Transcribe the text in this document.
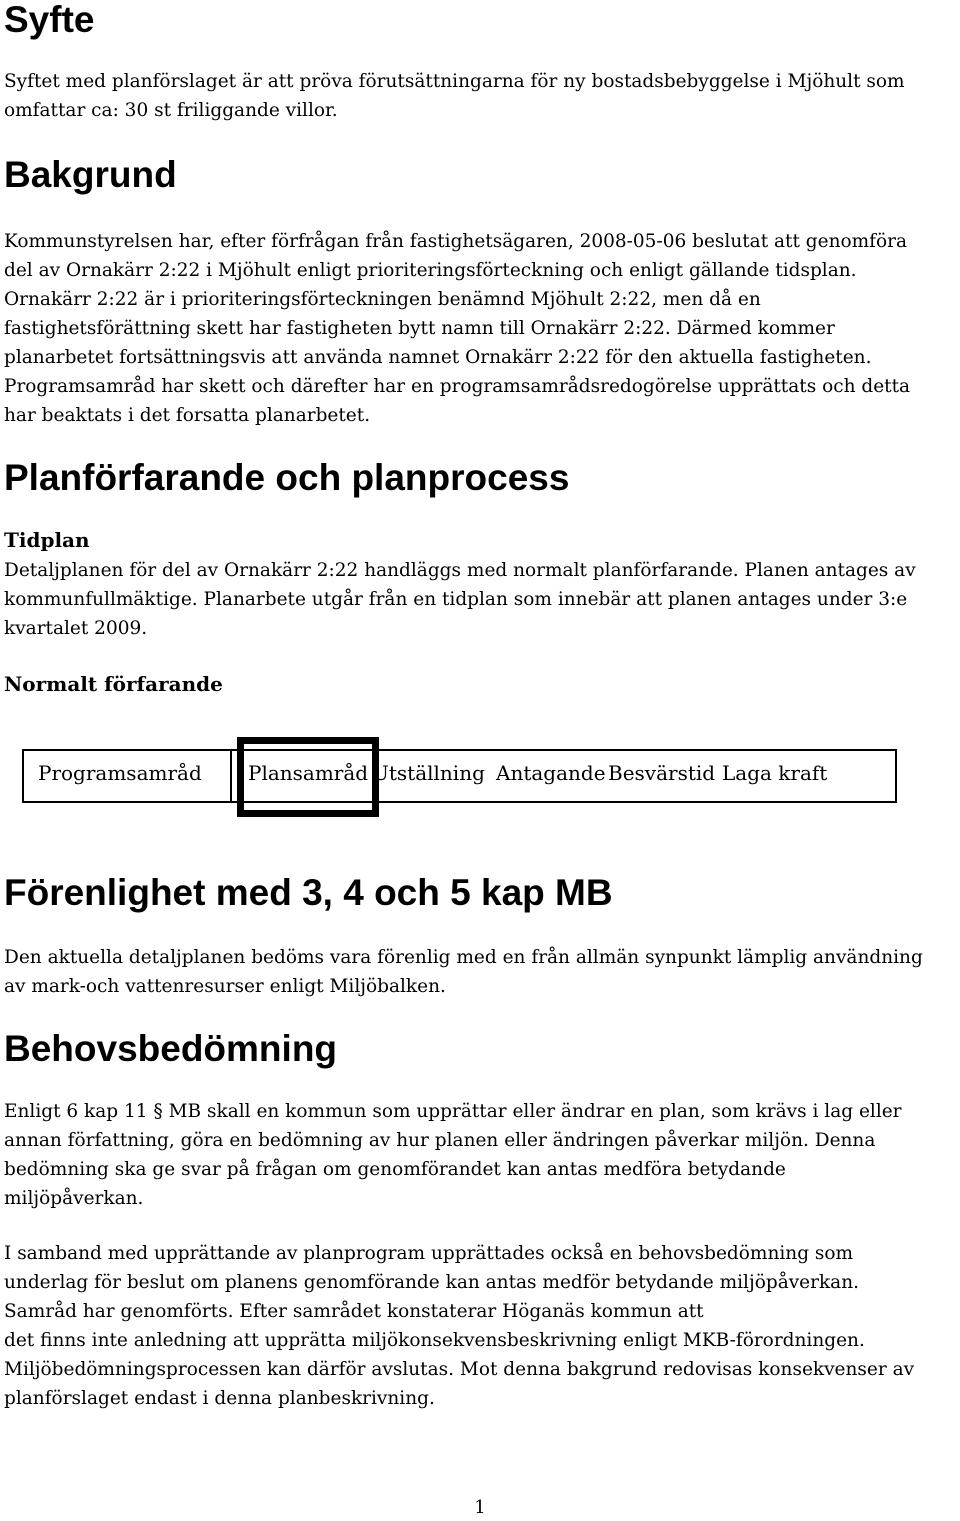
Syfte
Syftet med planförslaget är att pröva förutsättningarna för ny bostadsbebyggelse i Mjöhult som
omfattar ca: 30 st friliggande villor.
Bakgrund
Kommunstyrelsen har, efter förfrågan från fastighetsägaren, 2008-05-06 beslutat att genomföra
del av Ornakärr 2:22 i Mjöhult enligt prioriteringsförteckning och enligt gällande tidsplan.
Ornakärr 2:22 är i prioriteringsförteckningen benämnd Mjöhult 2:22, men då en
fastighetsförättning skett har fastigheten bytt namn till Ornakärr 2:22. Därmed kommer
planarbetet fortsättningsvis att använda namnet Ornakärr 2:22 för den aktuella fastigheten.
Programsamråd har skett och därefter har en programsamrådsredogörelse upprättats och detta
har beaktats i det forsatta planarbetet.
Planförfarande och planprocess
Tidplan
Detaljplanen för del av Ornakärr 2:22 handläggs med normalt planförfarande. Planen antages av
kommunfullmäktige. Planarbete utgår från en tidplan som innebär att planen antages under 3:e
kvartalet 2009.
Normalt förfarande
Programsamråd Plansamråd Utställning Antagande Besvärstid Laga kraft
Förenlighet med 3, 4 och 5 kap MB
Den aktuella detaljplanen bedöms vara förenlig med en från allmän synpunkt lämplig användning
av mark-och vattenresurser enligt Miljöbalken.
Behovsbedömning
Enligt 6 kap 11 § MB skall en kommun som upprättar eller ändrar en plan, som krävs i lag eller
annan författning, göra en bedömning av hur planen eller ändringen påverkar miljön. Denna
bedömning ska ge svar på frågan om genomförandet kan antas medföra betydande
miljöpåverkan.
I samband med upprättande av planprogram upprättades också en behovsbedömning som
underlag för beslut om planens genomförande kan antas medför betydande miljöpåverkan.
Samråd har genomförts. Efter samrådet konstaterar Höganäs kommun att
det finns inte anledning att upprätta miljökonsekvensbeskrivning enligt MKB-förordningen.
Miljöbedömningsprocessen kan därför avslutas. Mot denna bakgrund redovisas konsekvenser av
planförslaget endast i denna planbeskrivning.
1
